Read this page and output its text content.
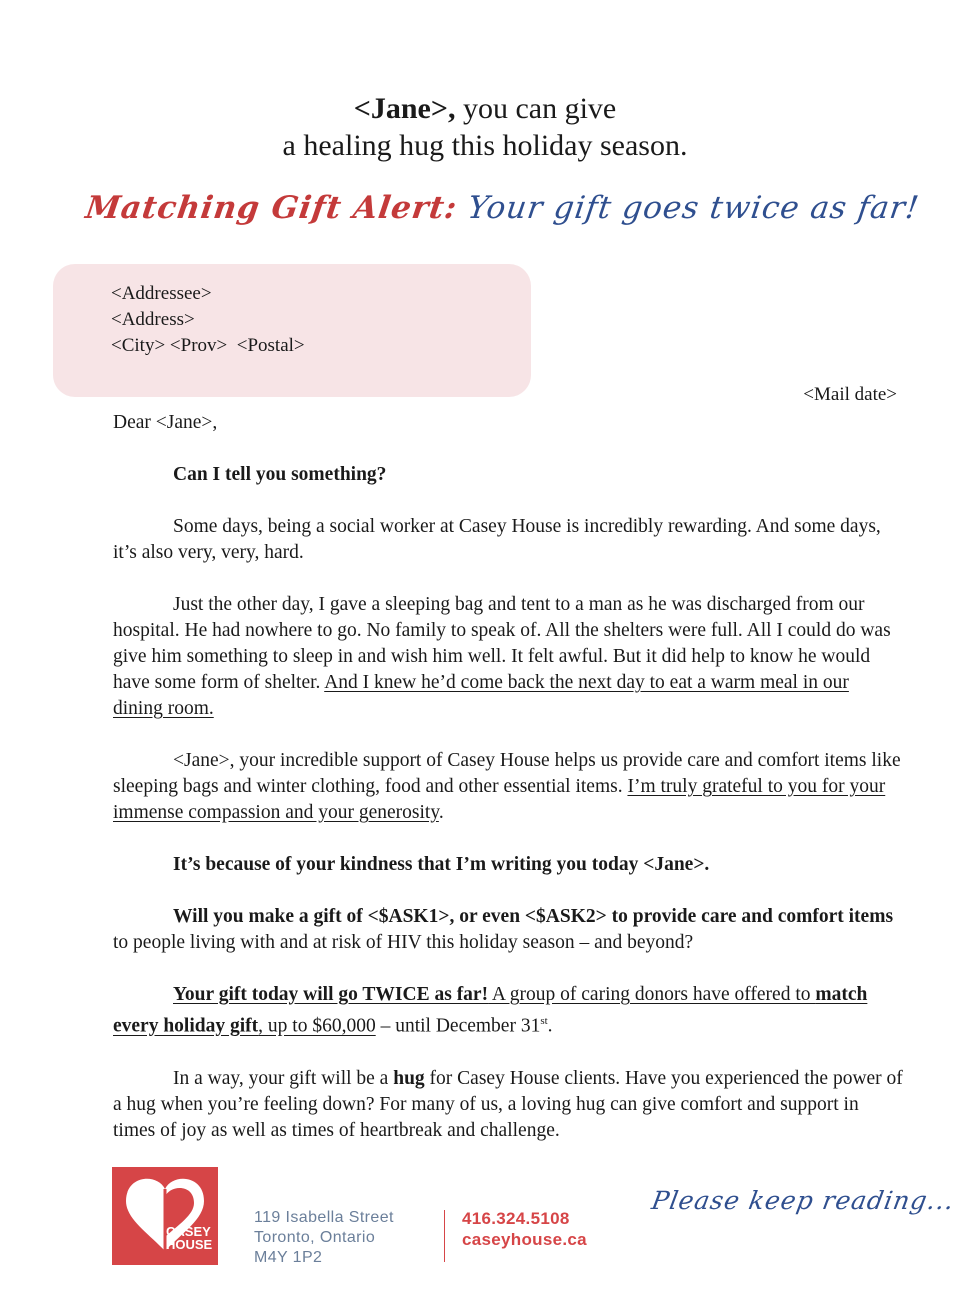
<Jane>, you can give
a healing hug this holiday season.
Matching Gift Alert: Your gift goes twice as far!
<Addressee>
<Address>
<City> <Prov>  <Postal>
<Mail date>

Dear <Jane>,

Can I tell you something?

Some days, being a social worker at Casey House is incredibly rewarding. And some days, it’s also very, very, hard.

Just the other day, I gave a sleeping bag and tent to a man as he was discharged from our hospital. He had nowhere to go. No family to speak of. All the shelters were full. All I could do was give him something to sleep in and wish him well. It felt awful. But it did help to know he would have some form of shelter. And I knew he’d come back the next day to eat a warm meal in our dining room.

<Jane>, your incredible support of Casey House helps us provide care and comfort items like sleeping bags and winter clothing, food and other essential items. I’m truly grateful to you for your immense compassion and your generosity.

It’s because of your kindness that I’m writing you today <Jane>.

Will you make a gift of <$ASK1>, or even <$ASK2> to provide care and comfort items to people living with and at risk of HIV this holiday season – and beyond?

Your gift today will go TWICE as far! A group of caring donors have offered to match every holiday gift, up to $60,000 – until December 31st.

In a way, your gift will be a hug for Casey House clients. Have you experienced the power of a hug when you’re feeling down? For many of us, a loving hug can give comfort and support in times of joy as well as times of heartbreak and challenge.

CASEY
HOUSE
119 Isabella Street
Toronto, Ontario
M4Y 1P2
416.324.5108
caseyhouse.ca
Please keep reading...
